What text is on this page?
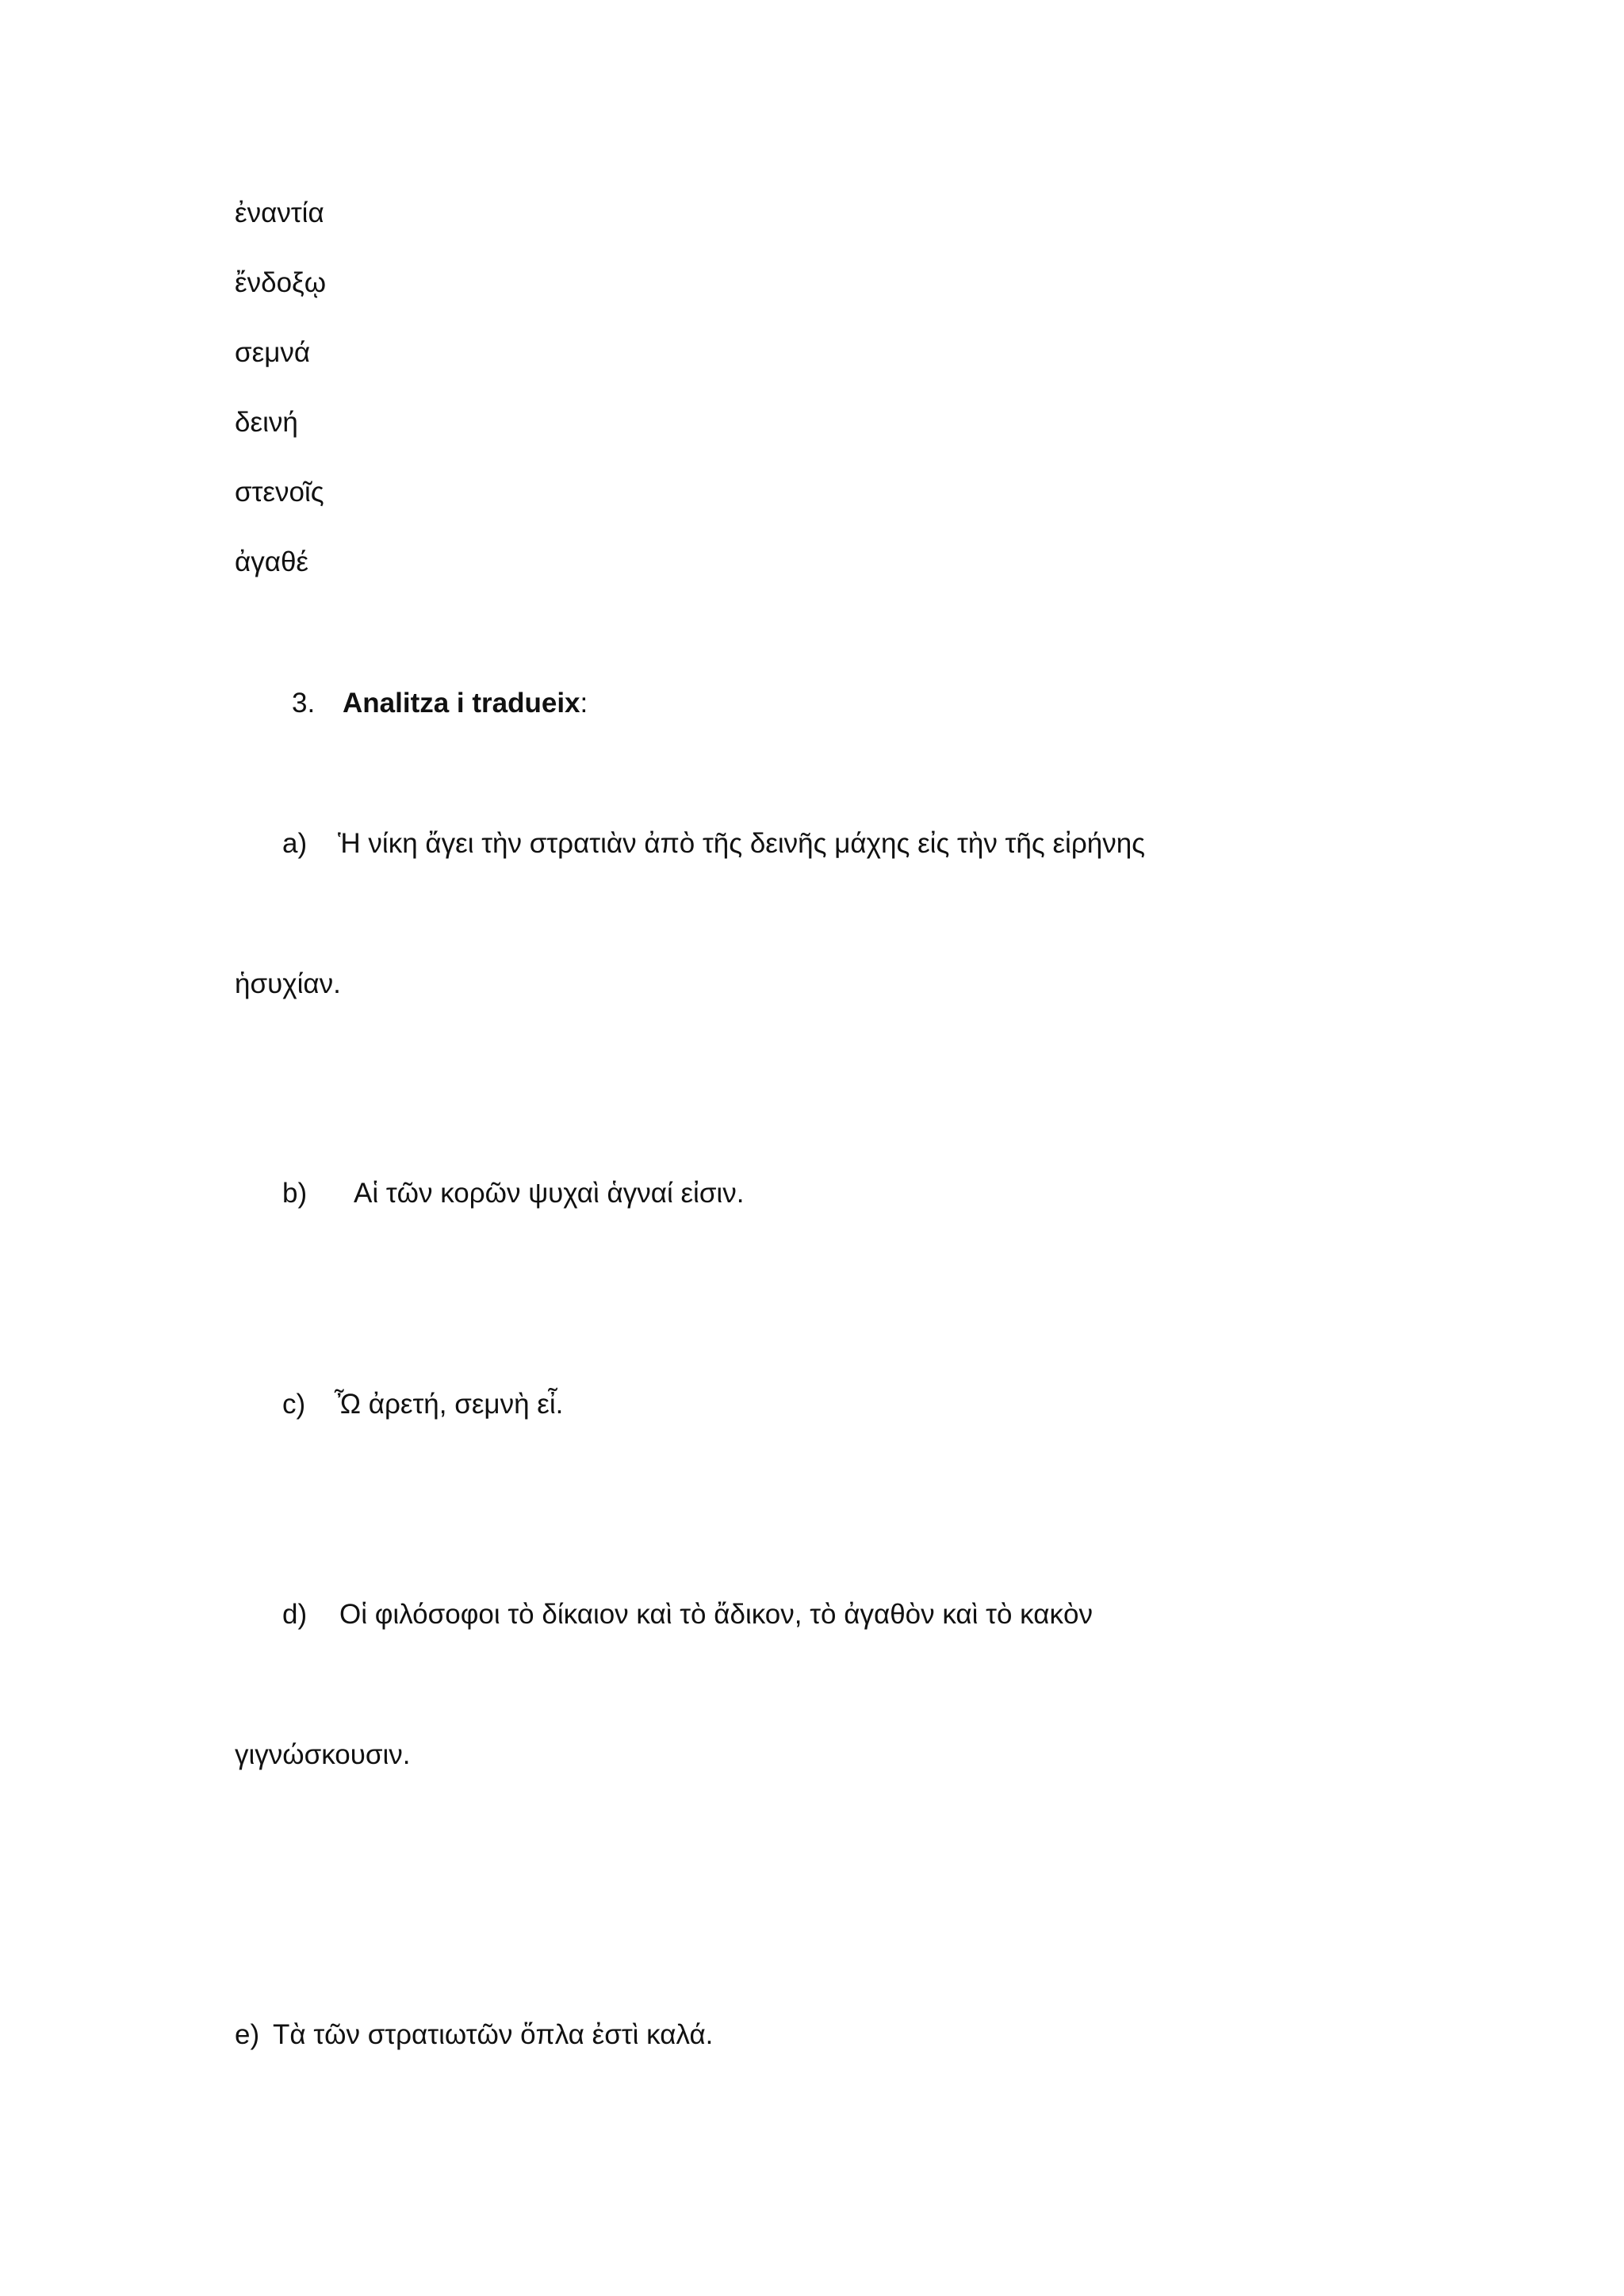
ἐναντία
ἔνδοξῳ
σεμνά
δεινή
στενοῖς
ἀγαθέ
3. Analitza i tradueix:
a) Ἡ νίκη ἄγει τὴν στρατιὰν ἀπὸ τῆς δεινῆς μάχης εἰς τὴν τῆς εἰρήνης
ἡσυχίαν.
b) Αἱ τῶν κορῶν ψυχαὶ ἁγναί εἰσιν.
c) Ὦ ἀρετή, σεμνὴ εἶ.
d) Οἱ φιλόσοφοι τὸ δίκαιον καὶ τὸ ἄδικον, τὸ ἀγαθὸν καὶ τὸ κακὸν
γιγνώσκουσιν.
e) Τὰ τῶν στρατιωτῶν ὅπλα ἐστὶ καλά.
